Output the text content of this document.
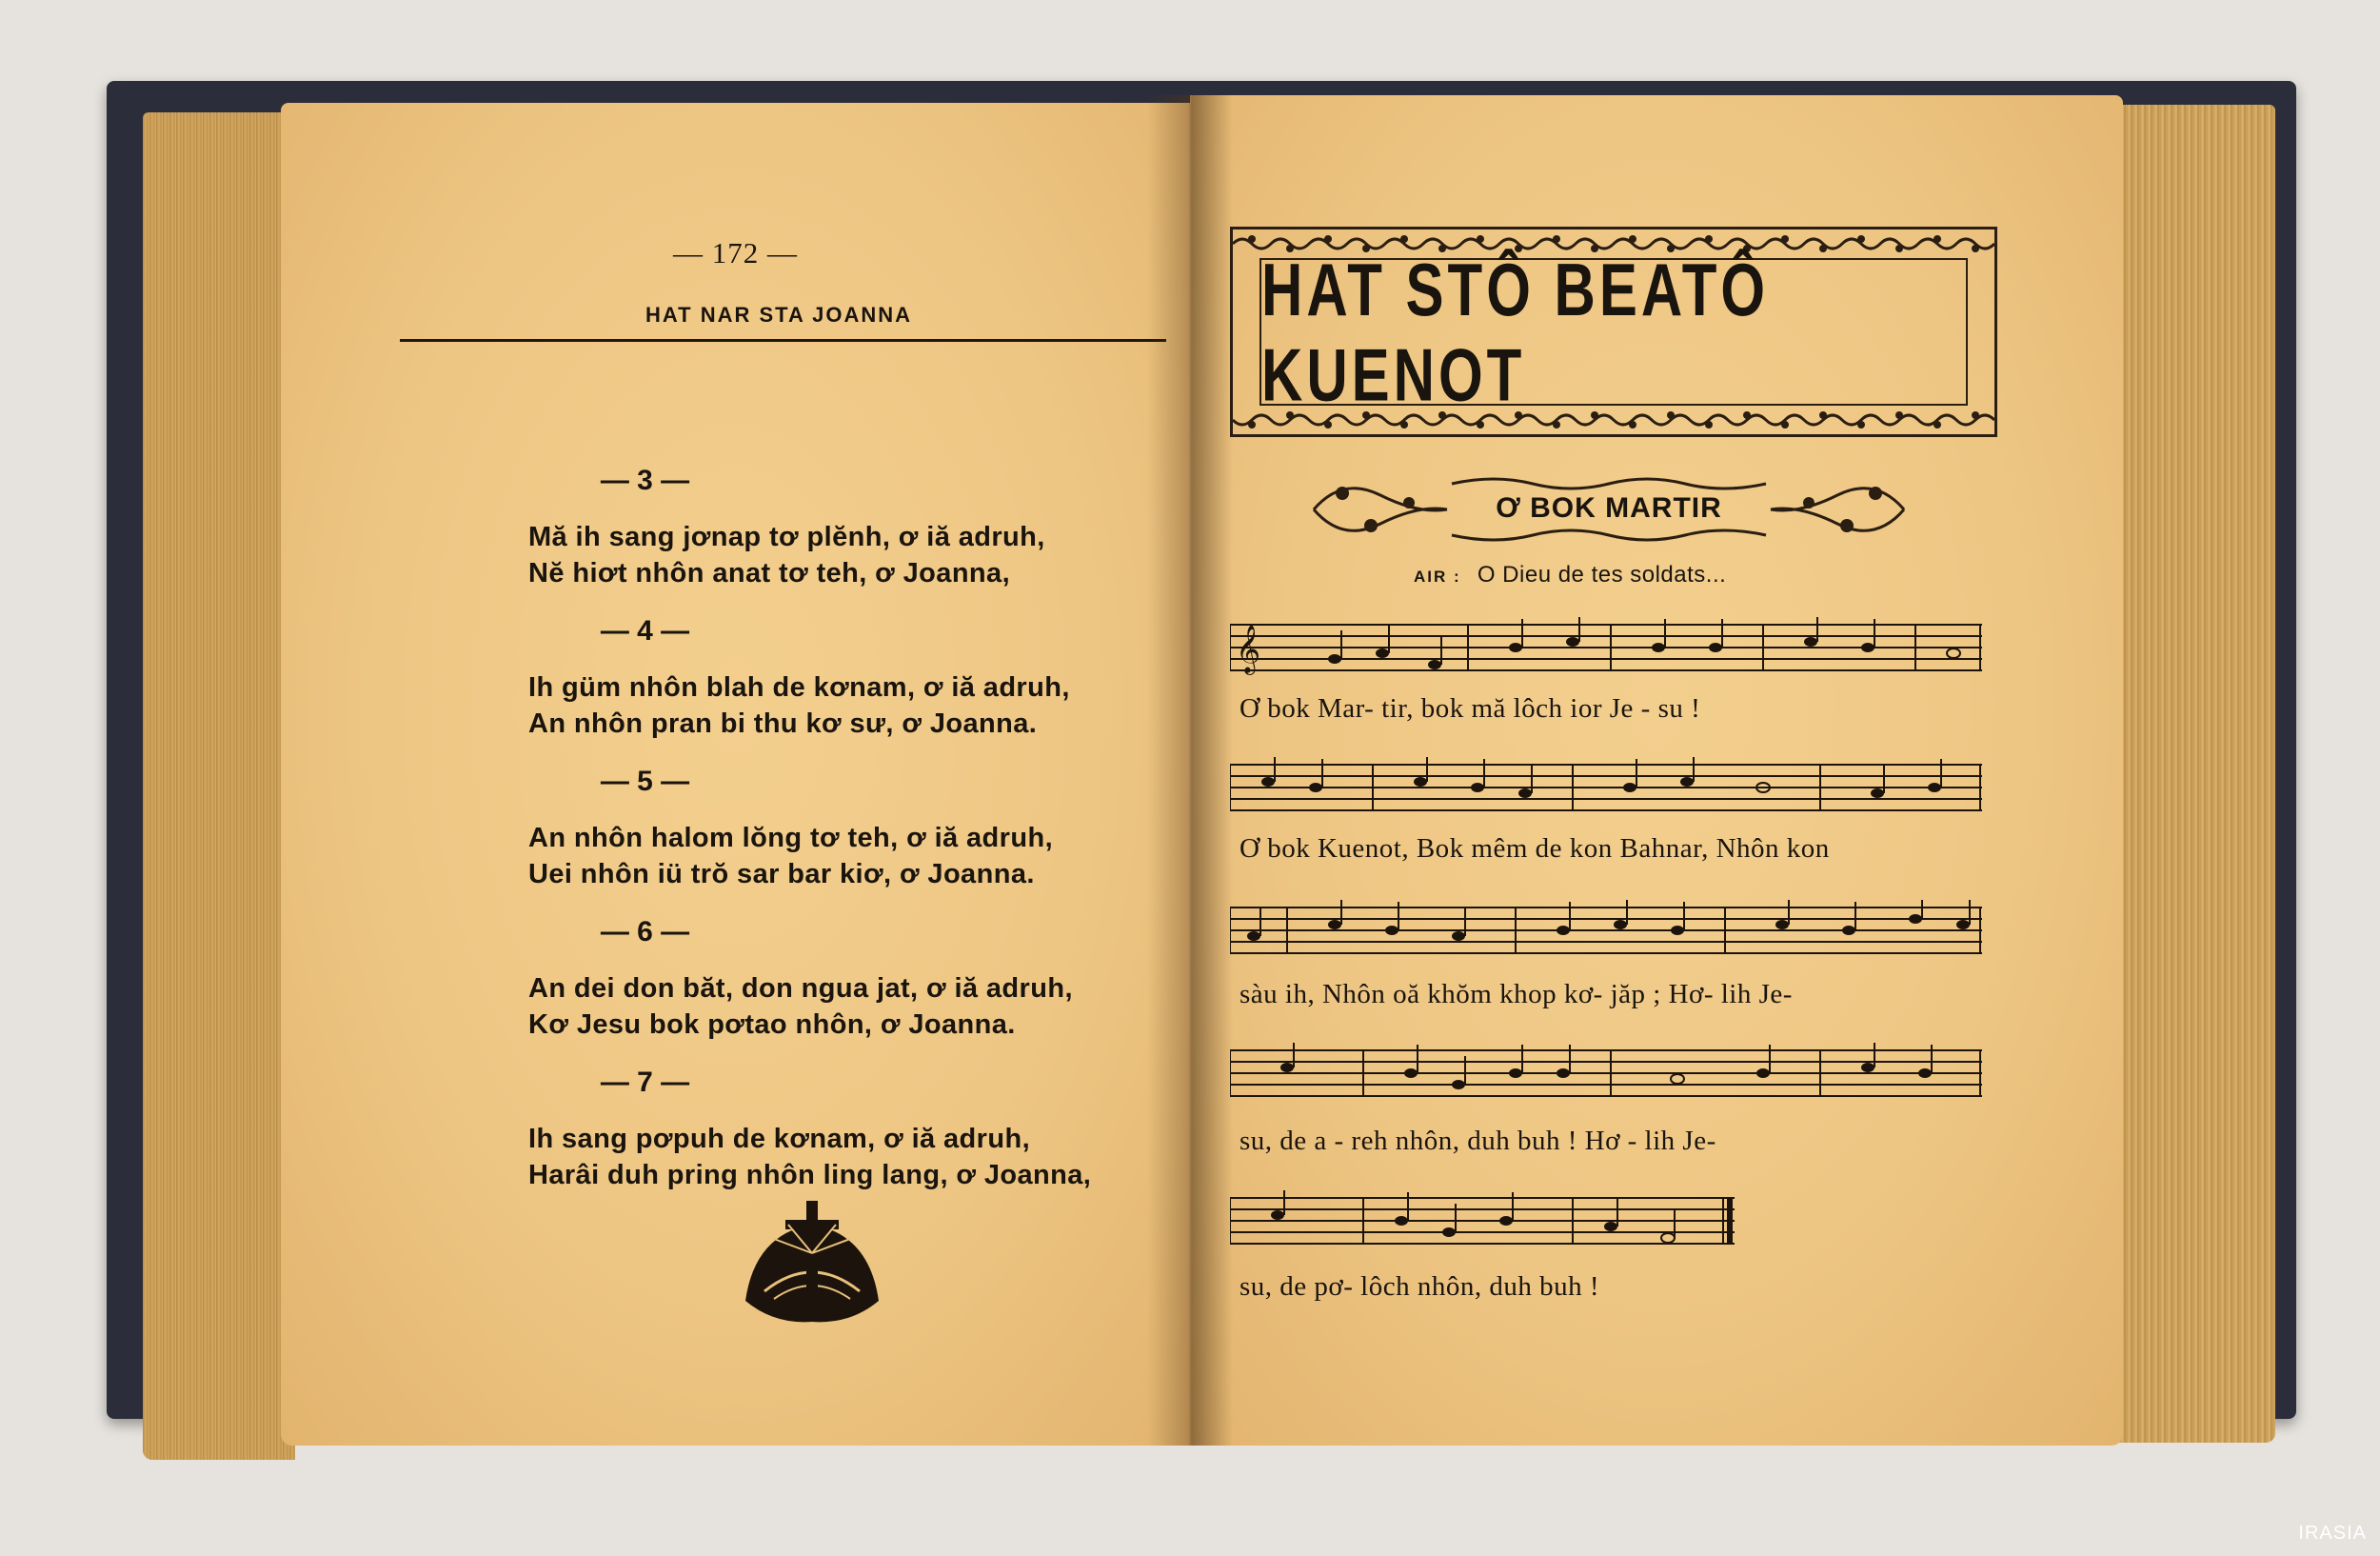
— 172 —
HAT NAR STA JOANNA
— 3 —
Mă ih sang jơnap tơ plĕnh, ơ iă adruh,
Nĕ hiơt nhôn anat tơ teh, ơ Joanna,
— 4 —
Ih güm nhôn blah de kơnam, ơ iă adruh,
An nhôn pran bi thu kơ sư, ơ Joanna.
— 5 —
An nhôn halom lŏng tơ teh, ơ iă adruh,
Uei nhôn iü trŏ sar bar kiơ, ơ Joanna.
— 6 —
An dei don băt, don ngua jat, ơ iă adruh,
Kơ Jesu bok pơtao nhôn, ơ Joanna.
— 7 —
Ih sang pơpuh de kơnam, ơ iă adruh,
Harâi duh pring nhôn ling lang, ơ Joanna,
HAT STÔ BEATÔ KUENOT
Ơ BOK MARTIR
AIR : O Dieu de tes soldats...
𝄞
Ơ bok Mar- tir, bok mă lôch ior Je - su !
Ơ bok Kuenot, Bok mêm de kon Bahnar, Nhôn kon
sàu ih, Nhôn oă khŏm khop kơ- jăp ; Hơ- lih Je-
su, de a - reh nhôn, duh buh ! Hơ - lih Je-
su, de pơ- lôch nhôn, duh buh !
IRASIA
